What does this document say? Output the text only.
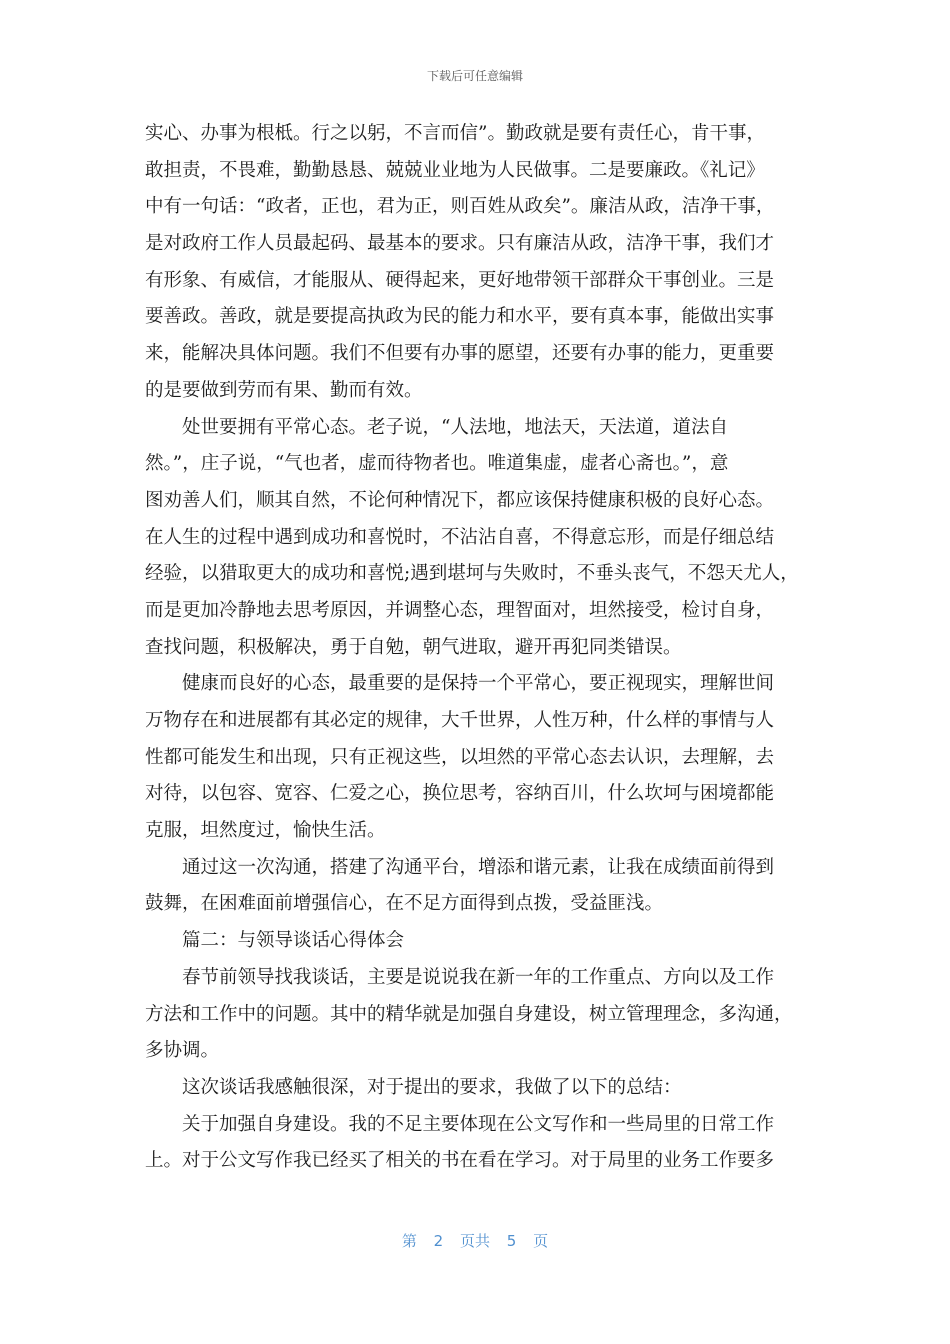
下载后可任意编辑
实心、办事为根柢。行之以躬，不言而信”。勤政就是要有责任心，肯干事，
敢担责，不畏难，勤勤恳恳、兢兢业业地为人民做事。二是要廉政。《礼记》
中有一句话：“政者，正也，君为正，则百姓从政矣”。廉洁从政，洁净干事，
是对政府工作人员最起码、最基本的要求。只有廉洁从政，洁净干事，我们才
有形象、有威信，才能服从、硬得起来，更好地带领干部群众干事创业。三是
要善政。善政，就是要提高执政为民的能力和水平，要有真本事，能做出实事
来，能解决具体问题。我们不但要有办事的愿望，还要有办事的能力，更重要
的是要做到劳而有果、勤而有效。
处世要拥有平常心态。老子说，“人法地，地法天，天法道，道法自
然。”，庄子说，“气也者，虚而待物者也。唯道集虚，虚者心斋也。”，意
图劝善人们，顺其自然，不论何种情况下，都应该保持健康积极的良好心态。
在人生的过程中遇到成功和喜悦时，不沾沾自喜，不得意忘形，而是仔细总结
经验，以猎取更大的成功和喜悦;遇到堪坷与失败时，不垂头丧气，不怨天尤人，
而是更加冷静地去思考原因，并调整心态，理智面对，坦然接受，检讨自身，
查找问题，积极解决，勇于自勉，朝气进取，避开再犯同类错误。
健康而良好的心态，最重要的是保持一个平常心，要正视现实，理解世间
万物存在和进展都有其必定的规律，大千世界，人性万种，什么样的事情与人
性都可能发生和出现，只有正视这些，以坦然的平常心态去认识，去理解，去
对待，以包容、宽容、仁爱之心，换位思考，容纳百川，什么坎坷与困境都能
克服，坦然度过，愉快生活。
通过这一次沟通，搭建了沟通平台，增添和谐元素，让我在成绩面前得到
鼓舞，在困难面前增强信心，在不足方面得到点拨，受益匪浅。
篇二：与领导谈话心得体会
春节前领导找我谈话，主要是说说我在新一年的工作重点、方向以及工作
方法和工作中的问题。其中的精华就是加强自身建设，树立管理理念，多沟通，
多协调。
这次谈话我感触很深，对于提出的要求，我做了以下的总结：
关于加强自身建设。我的不足主要体现在公文写作和一些局里的日常工作
上。对于公文写作我已经买了相关的书在看在学习。对于局里的业务工作要多
第 2 页共 5 页
